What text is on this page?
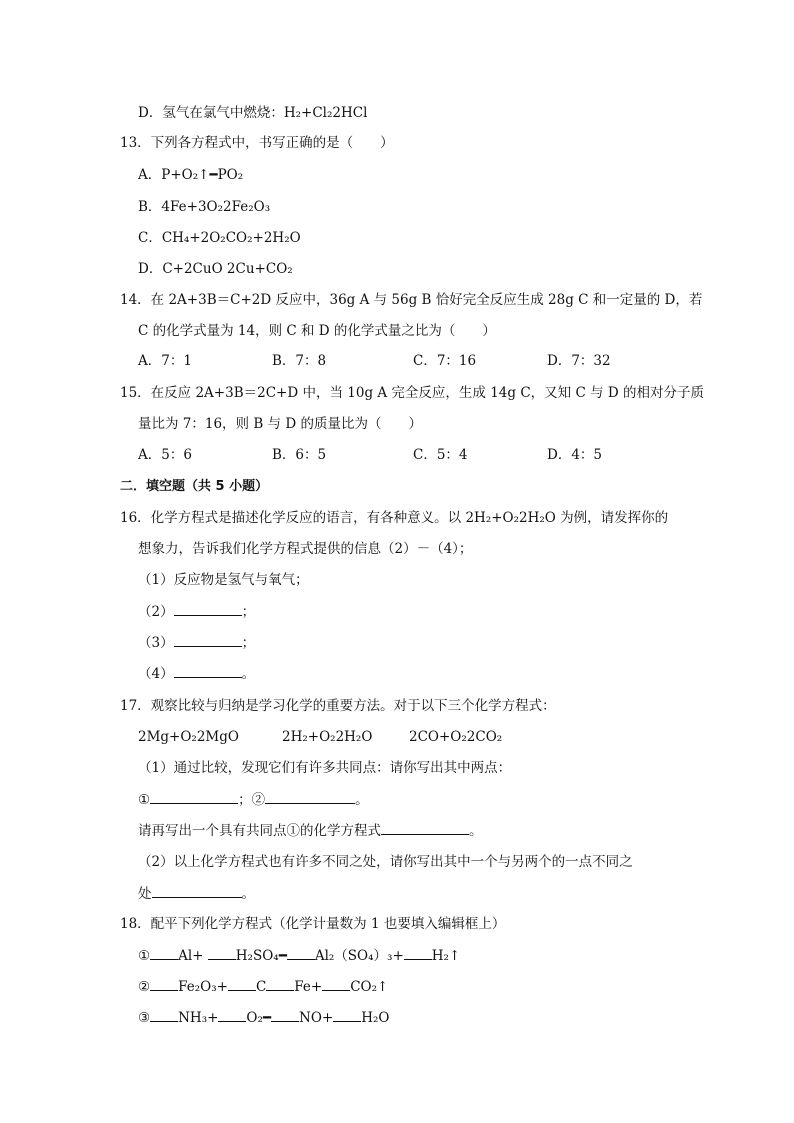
D．氢气在氯气中燃烧：H₂+Cl₂2HCl
13．下列各方程式中，书写正确的是（　　）
A．P+O₂↑━PO₂
B．4Fe+3O₂2Fe₂O₃
C．CH₄+2O₂CO₂+2H₂O
D．C+2CuO 2Cu+CO₂
14．在 2A+3B＝C+2D 反应中，36g A 与 56g B 恰好完全反应生成 28g C 和一定量的 D，若
C 的化学式量为 14，则 C 和 D 的化学式量之比为（　　）
A．7：1	B．7：8	C．7：16	D．7：32
15．在反应 2A+3B＝2C+D 中，当 10g A 完全反应，生成 14g C，又知 C 与 D 的相对分子质
量比为 7：16，则 B 与 D 的质量比为（　　）
A．5：6	B．6：5	C．5：4	D．4：5
二．填空题（共 5 小题）
16．化学方程式是描述化学反应的语言，有各种意义。以 2H₂+O₂2H₂O 为例，请发挥你的
想象力，告诉我们化学方程式提供的信息（2）－（4）；
（1）反应物是氢气与氧气；
（2）	；
（3）	；
（4）	。
17．观察比较与归纳是学习化学的重要方法。对于以下三个化学方程式：
2Mg+O₂2MgO	2H₂+O₂2H₂O	2CO+O₂2CO₂
（1）通过比较，发现它们有许多共同点：请你写出其中两点：
①	；②	。
请再写出一个具有共同点①的化学方程式	。
（2）以上化学方程式也有许多不同之处，请你写出其中一个与另两个的一点不同之
处	。
18．配平下列化学方程式（化学计量数为 1 也要填入编辑框上）
① Al+ H₂SO₄━ Al₂（SO₄）₃+ H₂↑
② Fe₂O₃+ C Fe+ CO₂↑
③ NH₃+ O₂━ NO+ H₂O
